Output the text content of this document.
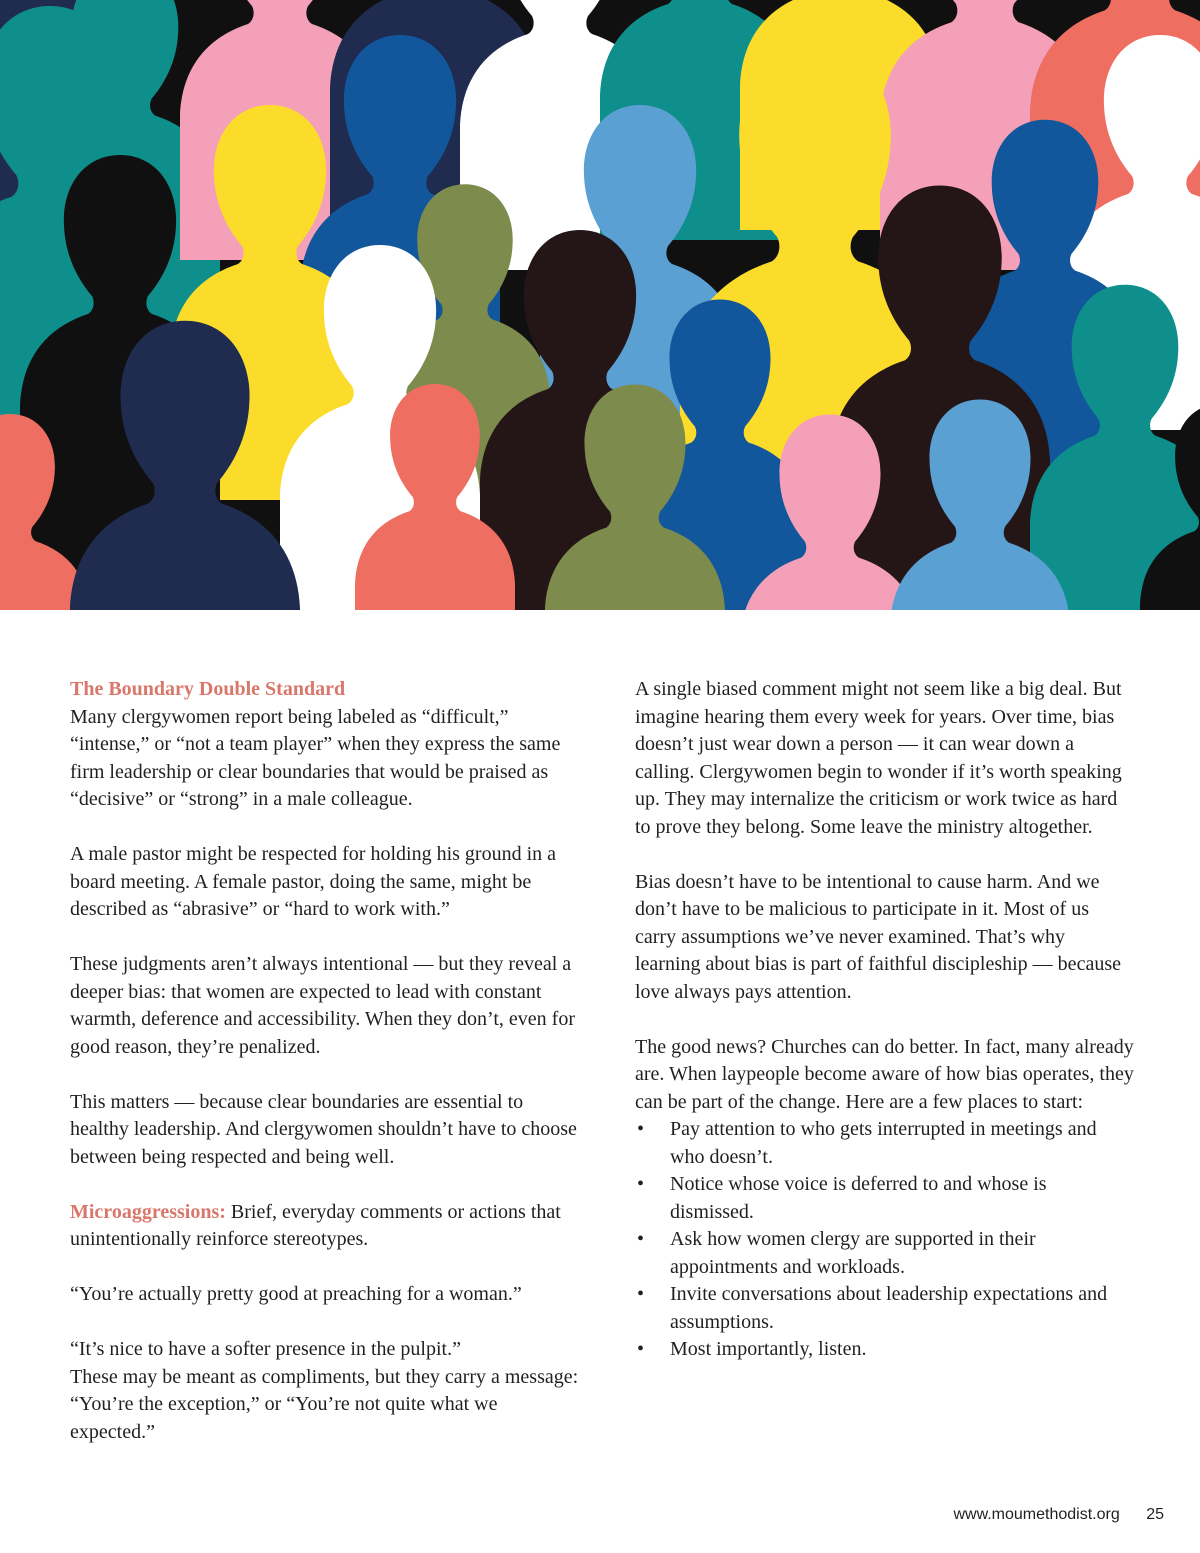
The Boundary Double Standard
Many clergywomen report being labeled as “difficult,” “intense,” or “not a team player” when they express the same firm leadership or clear boundaries that would be praised as “decisive” or “strong” in a male colleague.

A male pastor might be respected for holding his ground in a board meeting. A female pastor, doing the same, might be described as “abrasive” or “hard to work with.”

These judgments aren’t always intentional — but they reveal a deeper bias: that women are expected to lead with constant warmth, deference and accessibility. When they don’t, even for good reason, they’re penalized.

This matters — because clear boundaries are essential to healthy leadership. And clergywomen shouldn’t have to choose between being respected and being well.

Microaggressions: Brief, everyday comments or actions that unintentionally reinforce stereotypes.

“You’re actually pretty good at preaching for a woman.”

“It’s nice to have a softer presence in the pulpit.”
These may be meant as compliments, but they carry a message: “You’re the exception,” or “You’re not quite what we expected.”

A single biased comment might not seem like a big deal. But imagine hearing them every week for years. Over time, bias doesn’t just wear down a person — it can wear down a calling. Clergywomen begin to wonder if it’s worth speaking up. They may internalize the criticism or work twice as hard to prove they belong. Some leave the ministry altogether.

Bias doesn’t have to be intentional to cause harm. And we don’t have to be malicious to participate in it. Most of us carry assumptions we’ve never examined. That’s why learning about bias is part of faithful discipleship — because love always pays attention.

The good news? Churches can do better. In fact, many already are. When laypeople become aware of how bias operates, they can be part of the change. Here are a few places to start:
• Pay attention to who gets interrupted in meetings and who doesn’t.
• Notice whose voice is deferred to and whose is dismissed.
• Ask how women clergy are supported in their appointments and workloads.
• Invite conversations about leadership expectations and assumptions.
• Most importantly, listen.
www.moumethodist.org 25
